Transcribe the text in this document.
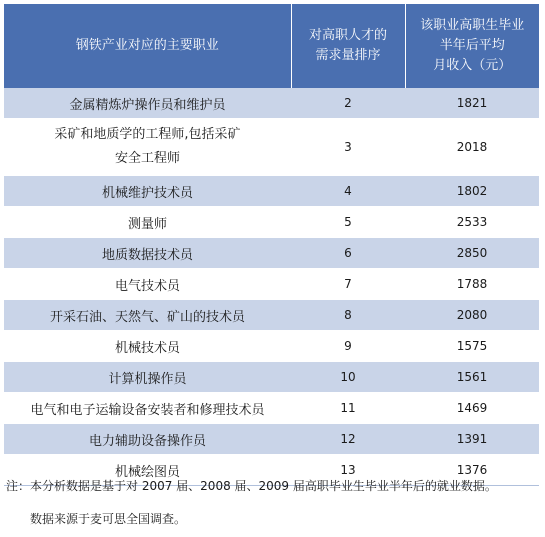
钢铁产业对应的主要职业	对高职人才的
需求量排序	该职业高职生毕业
半年后平均
月收入（元）
金属精炼炉操作员和维护员	2	1821
采矿和地质学的工程师,包括采矿
安全工程师	3	2018
机械维护技术员	4	1802
测量师	5	2533
地质数据技术员	6	2850
电气技术员	7	1788
开采石油、天然气、矿山的技术员	8	2080
机械技术员	9	1575
计算机操作员	10	1561
电气和电子运输设备安装者和修理技术员	11	1469
电力辅助设备操作员	12	1391
机械绘图员	13	1376
注：本分析数据是基于对 2007 届、2008 届、2009 届高职毕业生毕业半年后的就业数据。
数据来源于麦可思全国调查。
